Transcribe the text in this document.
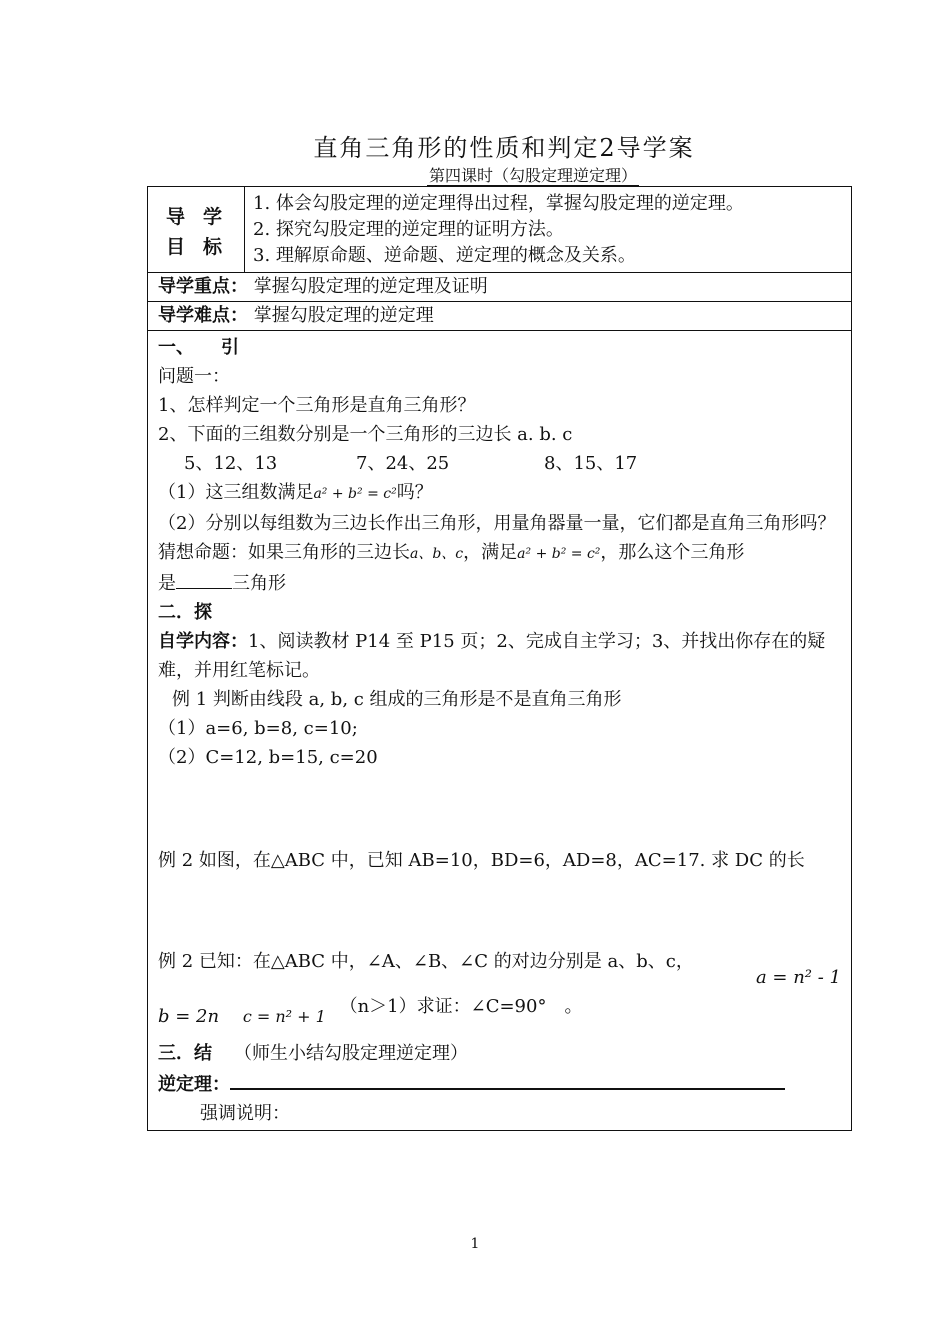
直角三角形的性质和判定2导学案
第四课时（勾股定理逆定理）
导学
目标

1. 体会勾股定理的逆定理得出过程，掌握勾股定理的逆定理。
2. 探究勾股定理的逆定理的证明方法。
3. 理解原命题、逆命题、逆定理的概念及关系。

导学重点： 掌握勾股定理的逆定理及证明
导学难点： 掌握勾股定理的逆定理

一、　　引

问题一：

1、怎样判定一个三角形是直角三角形？

2、下面的三组数分别是一个三角形的三边长 a. b. c

5、12、13	7、24、25	8、15、17

（1）这三组数满足a² + b² = c²吗？

（2）分别以每组数为三边长作出三角形，用量角器量一量，它们都是直角三角形吗？

猜想命题：如果三角形的三边长a、b、c，满足a² + b² = c²，那么这个三角形

是	三角形

二．探

自学内容：1、阅读教材 P14 至 P15 页；2、完成自主学习；3、并找出你存在的疑难，并用红笔标记。

例 1 判断由线段 a, b, c 组成的三角形是不是直角三角形

（1）a=6, b=8, c=10;

（2）C=12, b=15, c=20

例 2 如图，在△ABC 中，已知 AB=10，BD=6，AD=8，AC=17. 求 DC 的长

a = n² - 1
例 2 已知：在△ABC 中，∠A、∠B、∠C 的对边分别是 a、b、c，

b = 2n c = n² + 1 （n＞1）求证：∠C=90°　。

三．结 （师生小结勾股定理逆定理）

逆定理：

强调说明：

1
